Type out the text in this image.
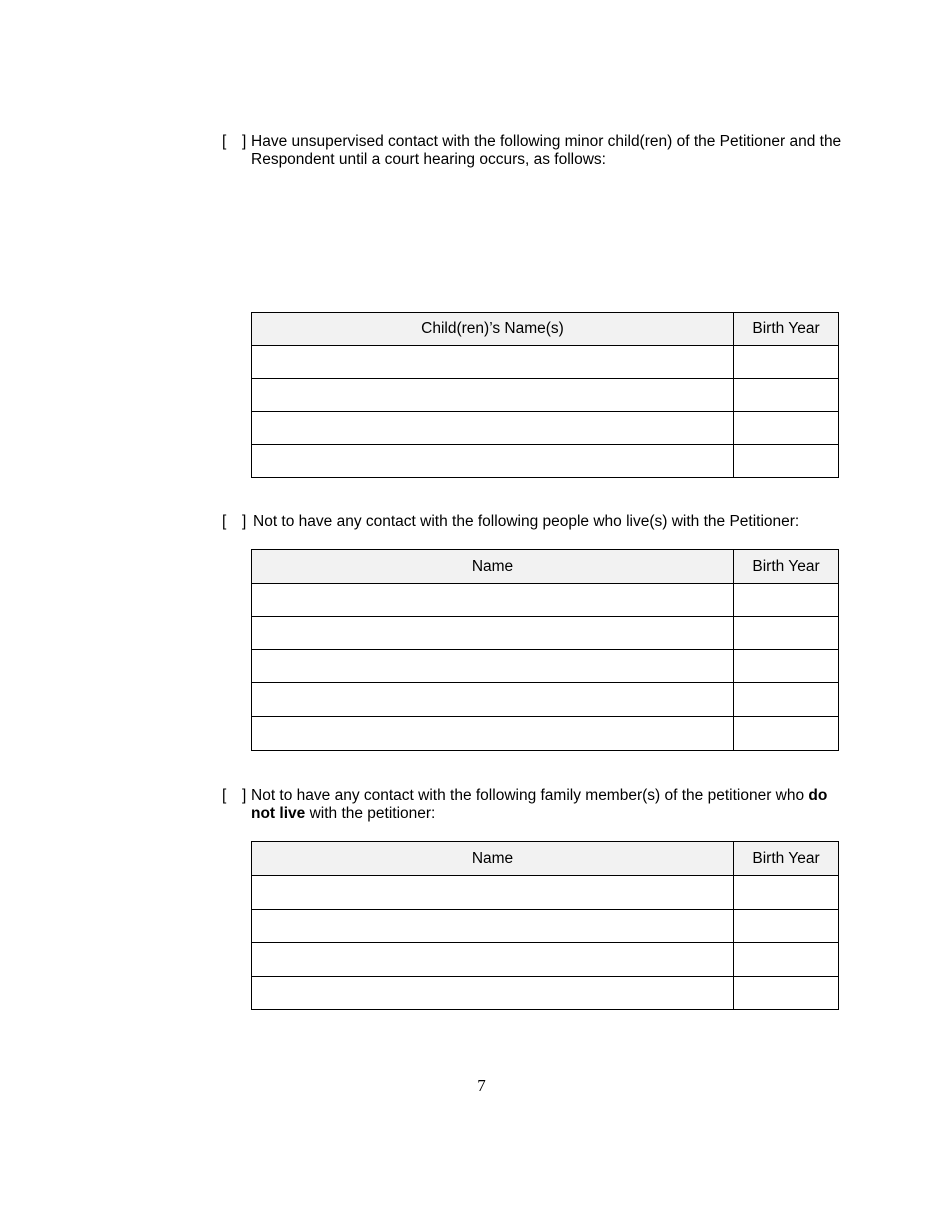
[ ] Have unsupervised contact with the following minor child(ren) of the Petitioner and the Respondent until a court hearing occurs, as follows:
Child(ren)’s Name(s)	Birth Year

[ ] Not to have any contact with the following people who live(s) with the Petitioner:
Name	Birth Year

[ ] Not to have any contact with the following family member(s) of the petitioner who do not live with the petitioner:
Name	Birth Year

7
